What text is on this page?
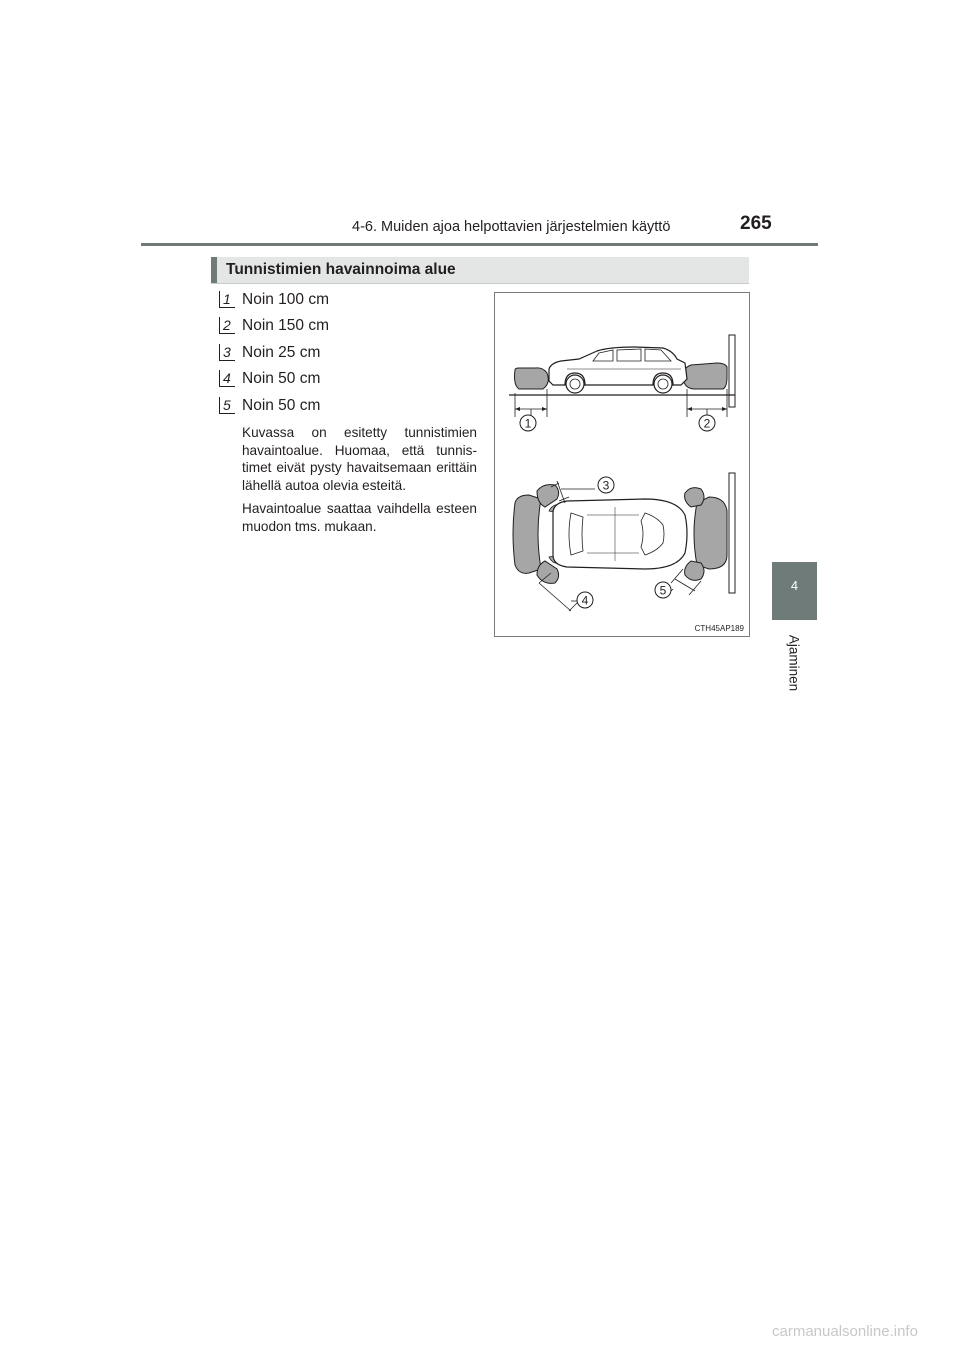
4-6. Muiden ajoa helpottavien järjestelmien käyttö	265
Tunnistimien havainnoima alue
1 Noin 100 cm
2 Noin 150 cm
3 Noin 25 cm
4 Noin 50 cm
5 Noin 50 cm
Kuvassa on esitetty tunnistimien havaintoalue. Huomaa, että tunnis- timet eivät pysty havaitsemaan erittäin lähellä autoa olevia esteitä.
Havaintoalue saattaa vaihdella esteen muodon tms. mukaan.
1	2
3
4
5
CTH45AP189
4
Ajaminen
carmanualsonline.info
